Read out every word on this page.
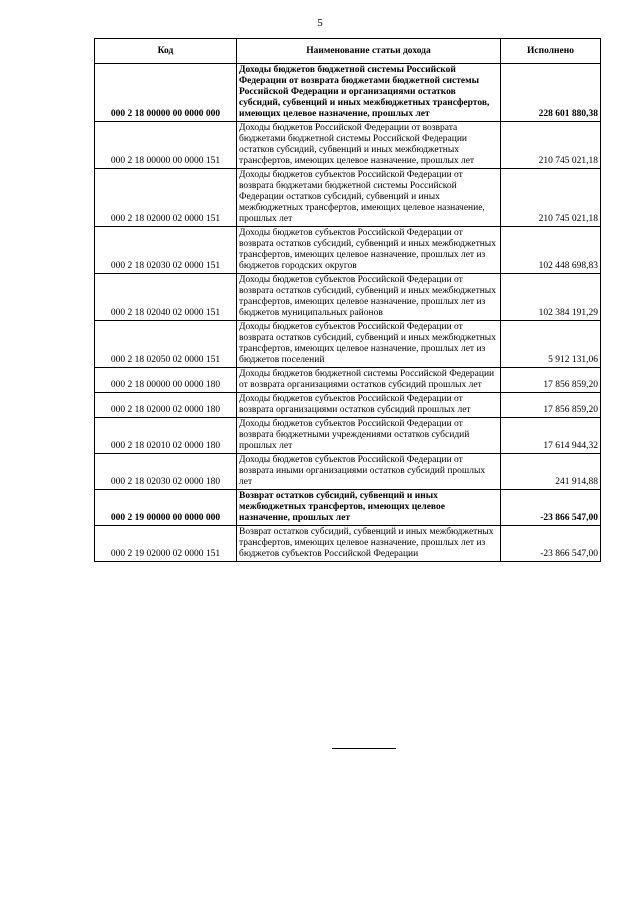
5
Код	Наименование статьи дохода	Исполнено
000 2 18 00000 00 0000 000	Доходы бюджетов бюджетной системы Российской Федерации от возврата бюджетами бюджетной системы Российской Федерации и организациями остатков субсидий, субвенций и иных межбюджетных трансфертов, имеющих целевое назначение, прошлых лет	228 601 880,38
000 2 18 00000 00 0000 151	Доходы бюджетов Российской Федерации от возврата бюджетами бюджетной системы Российской Федерации остатков субсидий, субвенций и иных межбюджетных трансфертов, имеющих целевое назначение, прошлых лет	210 745 021,18
000 2 18 02000 02 0000 151	Доходы бюджетов субъектов Российской Федерации от возврата бюджетами бюджетной системы Российской Федерации остатков субсидий, субвенций и иных межбюджетных трансфертов, имеющих целевое назначение, прошлых лет	210 745 021,18
000 2 18 02030 02 0000 151	Доходы бюджетов субъектов Российской Федерации от возврата остатков субсидий, субвенций и иных межбюджетных трансфертов, имеющих целевое назначение, прошлых лет из бюджетов городских округов	102 448 698,83
000 2 18 02040 02 0000 151	Доходы бюджетов субъектов Российской Федерации от возврата остатков субсидий, субвенций и иных межбюджетных трансфертов, имеющих целевое назначение, прошлых лет из бюджетов муниципальных районов	102 384 191,29
000 2 18 02050 02 0000 151	Доходы бюджетов субъектов Российской Федерации от возврата остатков субсидий, субвенций и иных межбюджетных трансфертов, имеющих целевое назначение, прошлых лет из бюджетов поселений	5 912 131,06
000 2 18 00000 00 0000 180	Доходы бюджетов бюджетной системы Российской Федерации от возврата организациями остатков субсидий прошлых лет	17 856 859,20
000 2 18 02000 02 0000 180	Доходы бюджетов субъектов Российской Федерации от возврата организациями остатков субсидий прошлых лет	17 856 859,20
000 2 18 02010 02 0000 180	Доходы бюджетов субъектов Российской Федерации от возврата бюджетными учреждениями остатков субсидий прошлых лет	17 614 944,32
000 2 18 02030 02 0000 180	Доходы бюджетов субъектов Российской Федерации от возврата иными организациями остатков субсидий прошлых лет	241 914,88
000 2 19 00000 00 0000 000	Возврат остатков субсидий, субвенций и иных межбюджетных трансфертов, имеющих целевое назначение, прошлых лет	-23 866 547,00
000 2 19 02000 02 0000 151	Возврат остатков субсидий, субвенций и иных межбюджетных трансфертов, имеющих целевое назначение, прошлых лет из бюджетов субъектов Российской Федерации	-23 866 547,00
